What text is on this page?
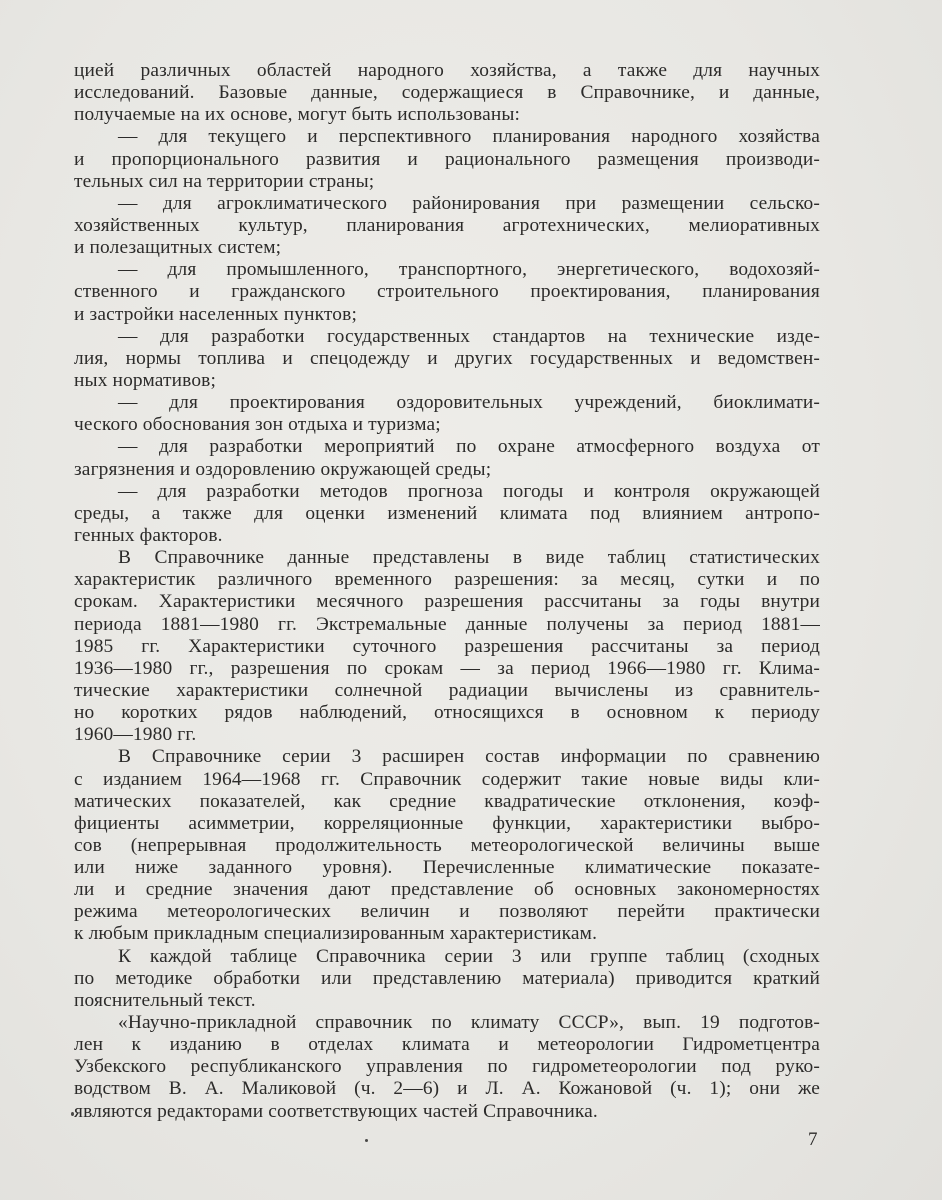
цией различных областей народного хозяйства, а также для научных
исследований. Базовые данные, содержащиеся в Справочнике, и данные,
получаемые на их основе, могут быть использованы:
— для текущего и перспективного планирования народного хозяйства
и пропорционального развития и рационального размещения производи-
тельных сил на территории страны;
— для агроклиматического районирования при размещении сельско-
хозяйственных культур, планирования агротехнических, мелиоративных
и полезащитных систем;
— для промышленного, транспортного, энергетического, водохозяй-
ственного и гражданского строительного проектирования, планирования
и застройки населенных пунктов;
— для разработки государственных стандартов на технические изде-
лия, нормы топлива и спецодежду и других государственных и ведомствен-
ных нормативов;
— для проектирования оздоровительных учреждений, биоклимати-
ческого обоснования зон отдыха и туризма;
— для разработки мероприятий по охране атмосферного воздуха от
загрязнения и оздоровлению окружающей среды;
— для разработки методов прогноза погоды и контроля окружающей
среды, а также для оценки изменений климата под влиянием антропо-
генных факторов.
В Справочнике данные представлены в виде таблиц статистических
характеристик различного временного разрешения: за месяц, сутки и по
срокам. Характеристики месячного разрешения рассчитаны за годы внутри
периода 1881—1980 гг. Экстремальные данные получены за период 1881—
1985 гг. Характеристики суточного разрешения рассчитаны за период
1936—1980 гг., разрешения по срокам — за период 1966—1980 гг. Клима-
тические характеристики солнечной радиации вычислены из сравнитель-
но коротких рядов наблюдений, относящихся в основном к периоду
1960—1980 гг.
В Справочнике серии 3 расширен состав информации по сравнению
с изданием 1964—1968 гг. Справочник содержит такие новые виды кли-
матических показателей, как средние квадратические отклонения, коэф-
фициенты асимметрии, корреляционные функции, характеристики выбро-
сов (непрерывная продолжительность метеорологической величины выше
или ниже заданного уровня). Перечисленные климатические показате-
ли и средние значения дают представление об основных закономерностях
режима метеорологических величин и позволяют перейти практически
к любым прикладным специализированным характеристикам.
К каждой таблице Справочника серии 3 или группе таблиц (сходных
по методике обработки или представлению материала) приводится краткий
пояснительный текст.
«Научно-прикладной справочник по климату СССР», вып. 19 подготов-
лен к изданию в отделах климата и метеорологии Гидрометцентра
Узбекского республиканского управления по гидрометеорологии под руко-
водством В. А. Маликовой (ч. 2—6) и Л. А. Кожановой (ч. 1); они же
являются редакторами соответствующих частей Справочника.
7
